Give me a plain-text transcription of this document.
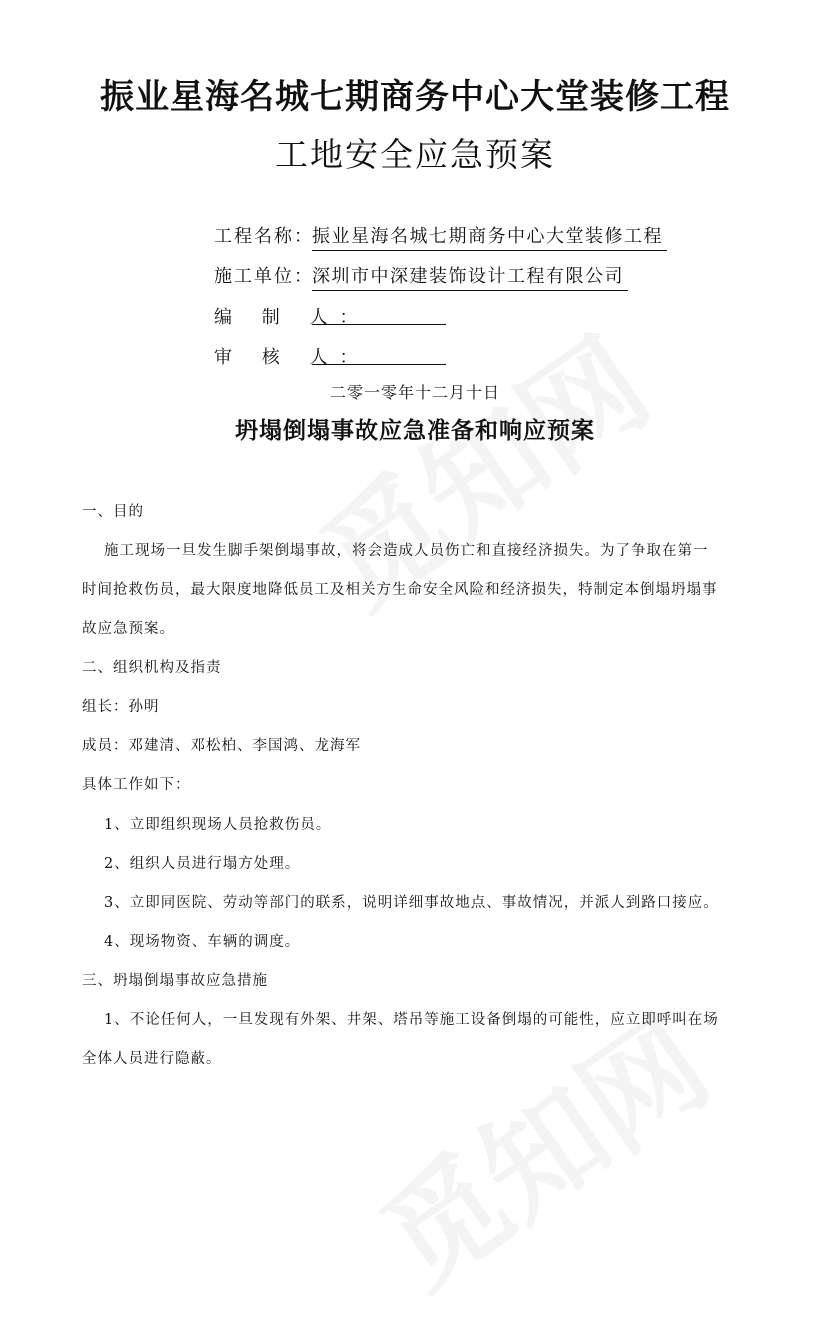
振业星海名城七期商务中心大堂装修工程
工地安全应急预案
工程名称：振业星海名城七期商务中心大堂装修工程
施工单位：深圳市中深建装饰设计工程有限公司
编 制 人：
审 核 人：
二零一零年十二月十日
坍塌倒塌事故应急准备和响应预案
一、目的
施工现场一旦发生脚手架倒塌事故，将会造成人员伤亡和直接经济损失。为了争取在第一
时间抢救伤员，最大限度地降低员工及相关方生命安全风险和经济损失，特制定本倒塌坍塌事
故应急预案。
二、组织机构及指责
组长：孙明
成员：邓建清、邓松柏、李国鸿、龙海军
具体工作如下：
1、立即组织现场人员抢救伤员。
2、组织人员进行塌方处理。
3、立即同医院、劳动等部门的联系，说明详细事故地点、事故情况，并派人到路口接应。
4、现场物资、车辆的调度。
三、坍塌倒塌事故应急措施
1、不论任何人，一旦发现有外架、井架、塔吊等施工设备倒塌的可能性，应立即呼叫在场
全体人员进行隐蔽。
